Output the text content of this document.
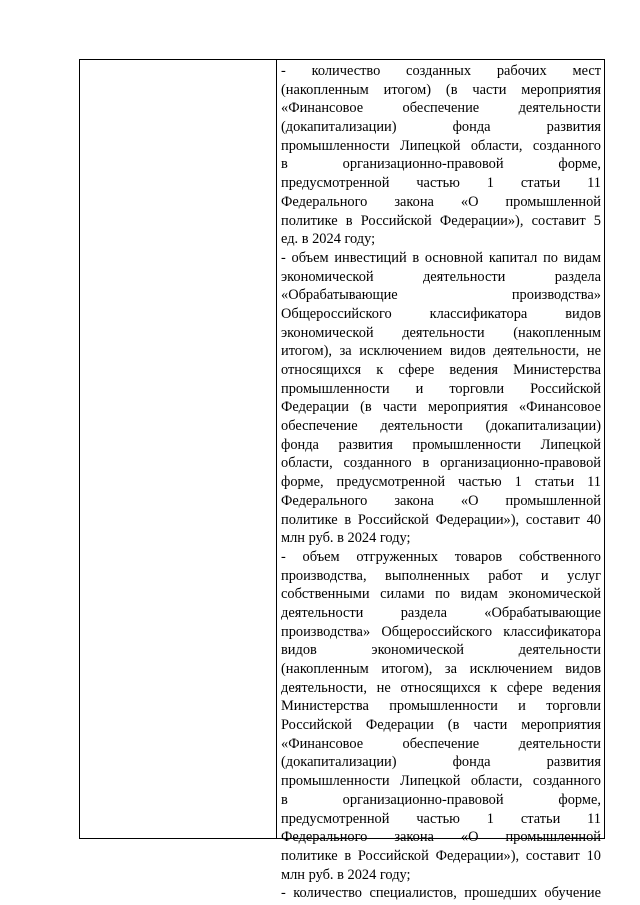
- количество созданных рабочих мест
(накопленным итогом) (в части мероприятия
«Финансовое обеспечение деятельности
(докапитализации) фонда развития
промышленности Липецкой области, созданного
в организационно-правовой форме,
предусмотренной частью 1 статьи 11
Федерального закона «О промышленной
политике в Российской Федерации»), составит 5
ед. в 2024 году;
- объем инвестиций в основной капитал по видам
экономической деятельности раздела
«Обрабатывающие производства»
Общероссийского классификатора видов
экономической деятельности (накопленным
итогом), за исключением видов деятельности, не
относящихся к сфере ведения Министерства
промышленности и торговли Российской
Федерации (в части мероприятия «Финансовое
обеспечение деятельности (докапитализации)
фонда развития промышленности Липецкой
области, созданного в организационно-правовой
форме, предусмотренной частью 1 статьи 11
Федерального закона «О промышленной
политике в Российской Федерации»), составит 40
млн руб. в 2024 году;
- объем отгруженных товаров собственного
производства, выполненных работ и услуг
собственными силами по видам экономической
деятельности раздела «Обрабатывающие
производства» Общероссийского классификатора
видов экономической деятельности
(накопленным итогом), за исключением видов
деятельности, не относящихся к сфере ведения
Министерства промышленности и торговли
Российской Федерации (в части мероприятия
«Финансовое обеспечение деятельности
(докапитализации) фонда развития
промышленности Липецкой области, созданного
в организационно-правовой форме,
предусмотренной частью 1 статьи 11
Федерального закона «О промышленной
политике в Российской Федерации»), составит 10
млн руб. в 2024 году;
- количество специалистов, прошедших обучение
